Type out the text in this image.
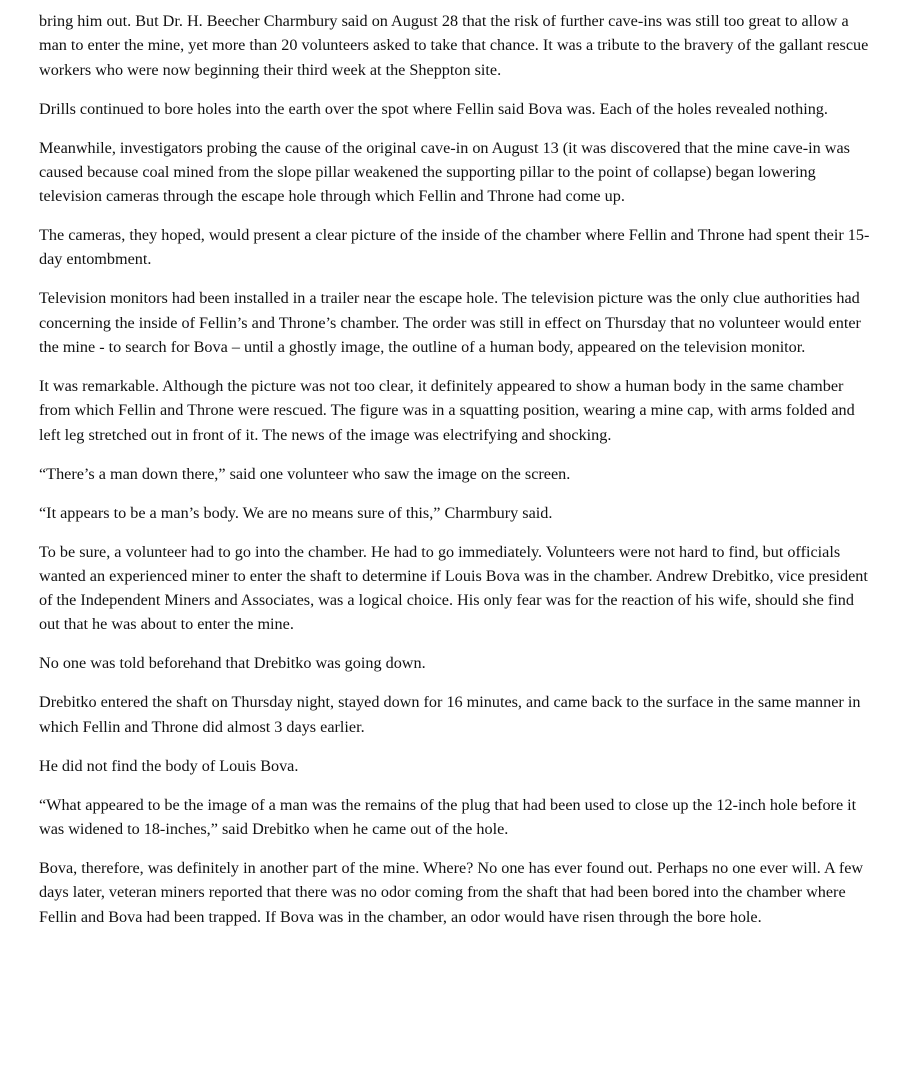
bring him out. But Dr. H. Beecher Charmbury said on August 28 that the risk of further cave-ins was still too great to allow a man to enter the mine, yet more than 20 volunteers asked to take that chance. It was a tribute to the bravery of the gallant rescue workers who were now beginning their third week at the Sheppton site.

Drills continued to bore holes into the earth over the spot where Fellin said Bova was. Each of the holes revealed nothing.

Meanwhile, investigators probing the cause of the original cave-in on August 13 (it was discovered that the mine cave-in was caused because coal mined from the slope pillar weakened the supporting pillar to the point of collapse) began lowering television cameras through the escape hole through which Fellin and Throne had come up.

The cameras, they hoped, would present a clear picture of the inside of the chamber where Fellin and Throne had spent their 15-day entombment.

Television monitors had been installed in a trailer near the escape hole. The television picture was the only clue authorities had concerning the inside of Fellin’s and Throne’s chamber. The order was still in effect on Thursday that no volunteer would enter the mine - to search for Bova – until a ghostly image, the outline of a human body, appeared on the television monitor.

It was remarkable. Although the picture was not too clear, it definitely appeared to show a human body in the same chamber from which Fellin and Throne were rescued. The figure was in a squatting position, wearing a mine cap, with arms folded and left leg stretched out in front of it. The news of the image was electrifying and shocking.

“There’s a man down there,” said one volunteer who saw the image on the screen.

“It appears to be a man’s body. We are no means sure of this,” Charmbury said.

To be sure, a volunteer had to go into the chamber. He had to go immediately. Volunteers were not hard to find, but officials wanted an experienced miner to enter the shaft to determine if Louis Bova was in the chamber. Andrew Drebitko, vice president of the Independent Miners and Associates, was a logical choice. His only fear was for the reaction of his wife, should she find out that he was about to enter the mine.

No one was told beforehand that Drebitko was going down.

Drebitko entered the shaft on Thursday night, stayed down for 16 minutes, and came back to the surface in the same manner in which Fellin and Throne did almost 3 days earlier.

He did not find the body of Louis Bova.

“What appeared to be the image of a man was the remains of the plug that had been used to close up the 12-inch hole before it was widened to 18-inches,” said Drebitko when he came out of the hole.

Bova, therefore, was definitely in another part of the mine. Where? No one has ever found out. Perhaps no one ever will. A few days later, veteran miners reported that there was no odor coming from the shaft that had been bored into the chamber where Fellin and Bova had been trapped. If Bova was in the chamber, an odor would have risen through the bore hole.
